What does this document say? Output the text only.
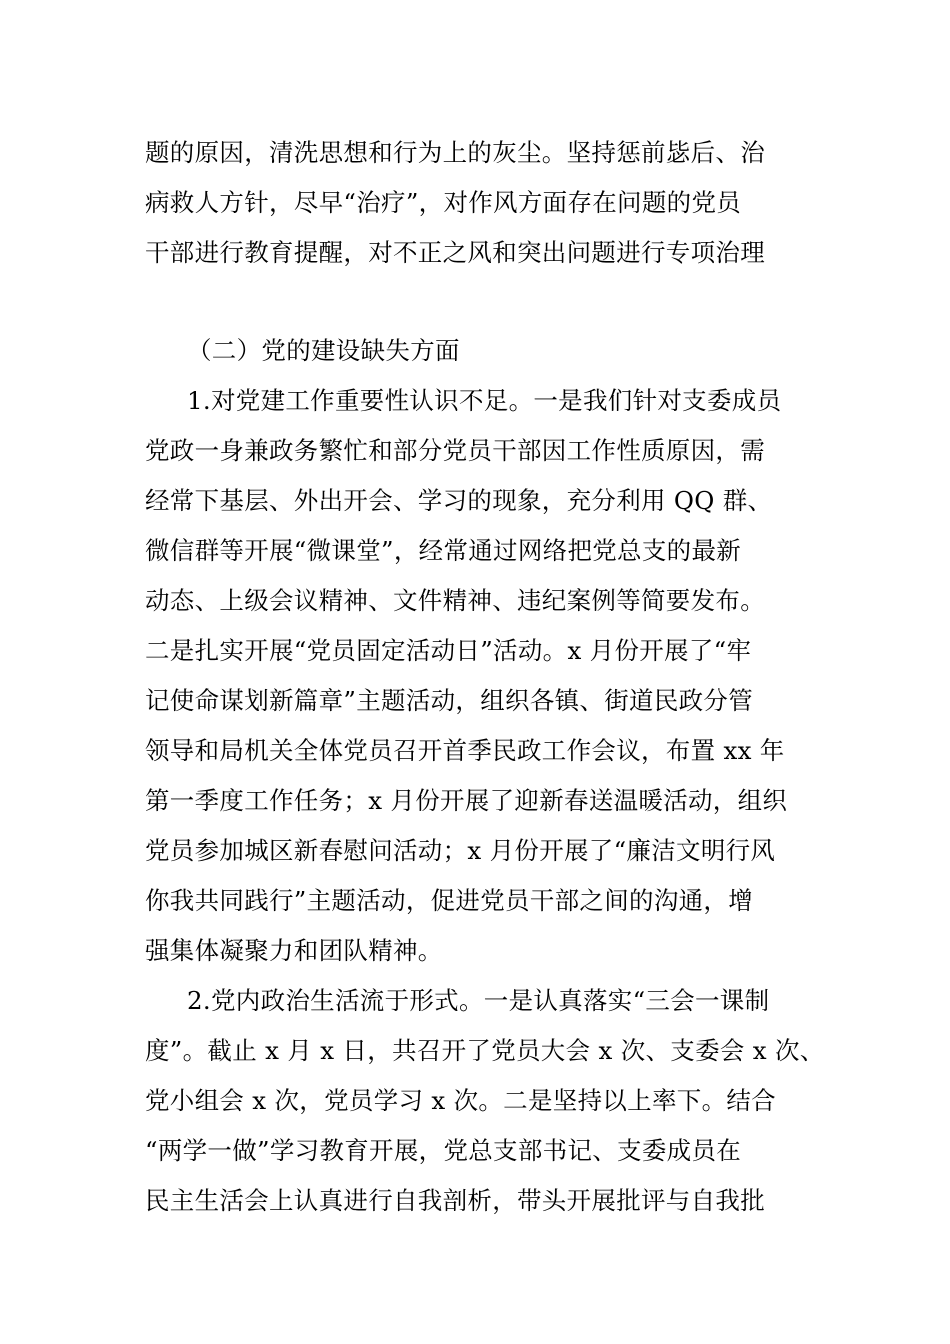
题的原因，清洗思想和行为上的灰尘。坚持惩前毖后、治
病救人方针，尽早“治疗”，对作风方面存在问题的党员
干部进行教育提醒，对不正之风和突出问题进行专项治理
（二）党的建设缺失方面
1.对党建工作重要性认识不足。一是我们针对支委成员
党政一身兼政务繁忙和部分党员干部因工作性质原因，需
经常下基层、外出开会、学习的现象，充分利用 QQ 群、
微信群等开展“微课堂”，经常通过网络把党总支的最新
动态、上级会议精神、文件精神、违纪案例等简要发布。
二是扎实开展“党员固定活动日”活动。x 月份开展了“牢
记使命谋划新篇章”主题活动，组织各镇、街道民政分管
领导和局机关全体党员召开首季民政工作会议，布置 xx 年
第一季度工作任务；x 月份开展了迎新春送温暖活动，组织
党员参加城区新春慰问活动；x 月份开展了“廉洁文明行风
你我共同践行”主题活动，促进党员干部之间的沟通，增
强集体凝聚力和团队精神。
2.党内政治生活流于形式。一是认真落实“三会一课制
度”。截止 x 月 x 日，共召开了党员大会 x 次、支委会 x 次、
党小组会 x 次，党员学习 x 次。二是坚持以上率下。结合
“两学一做”学习教育开展，党总支部书记、支委成员在
民主生活会上认真进行自我剖析，带头开展批评与自我批
